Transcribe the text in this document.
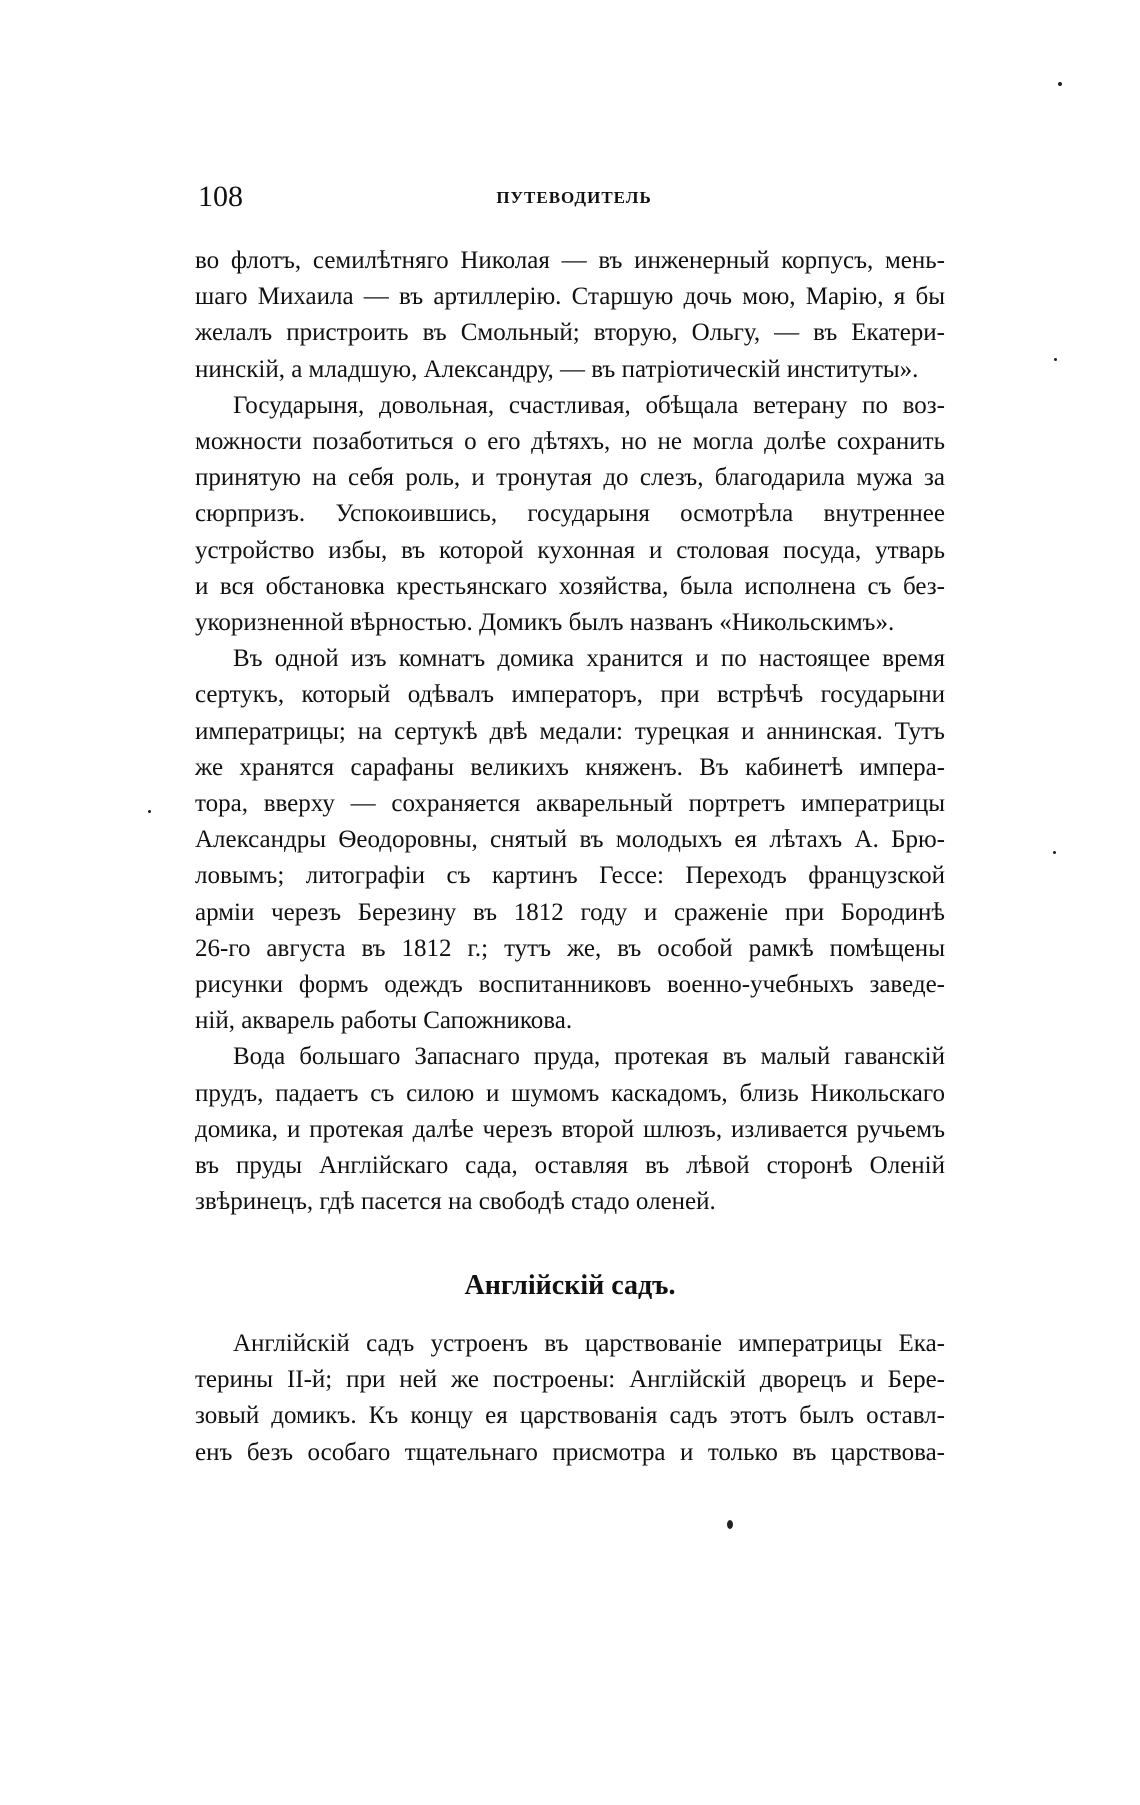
108	ПУТЕВОДИТЕЛЬ
во флотъ, семилѣтняго Николая — въ инженерный корпусъ, мень-
шаго Михаила — въ артиллерію. Старшую дочь мою, Марію, я бы
желалъ пристроить въ Смольный; вторую, Ольгу, — въ Екатери-
нинскій, а младшую, Александру, — въ патріотическій институты».
Государыня, довольная, счастливая, обѣщала ветерану по воз-
можности позаботиться о его дѣтяхъ, но не могла долѣе сохранить
принятую на себя роль, и тронутая до слезъ, благодарила мужа за
сюрпризъ. Успокоившись, государыня осмотрѣла внутреннее
устройство избы, въ которой кухонная и столовая посуда, утварь
и вся обстановка крестьянскаго хозяйства, была исполнена съ без-
укоризненной вѣрностью. Домикъ былъ названъ «Никольскимъ».
Въ одной изъ комнатъ домика хранится и по настоящее время
сертукъ, который одѣвалъ императоръ, при встрѣчѣ государыни
императрицы; на сертукѣ двѣ медали: турецкая и аннинская. Тутъ
же хранятся сарафаны великихъ княженъ. Въ кабинетѣ импера-
тора, вверху — сохраняется акварельный портретъ императрицы
Александры Ѳеодоровны, снятый въ молодыхъ ея лѣтахъ А. Брю-
ловымъ; литографіи съ картинъ Гессе: Переходъ французской
арміи черезъ Березину въ 1812 году и сраженіе при Бородинѣ
26-го августа въ 1812 г.; тутъ же, въ особой рамкѣ помѣщены
рисунки формъ одеждъ воспитанниковъ военно-учебныхъ заведе-
ній, акварель работы Сапожникова.
Вода большаго Запаснаго пруда, протекая въ малый гаванскій
прудъ, падаетъ съ силою и шумомъ каскадомъ, близь Никольскаго
домика, и протекая далѣе черезъ второй шлюзъ, изливается ручьемъ
въ пруды Англійскаго сада, оставляя въ лѣвой сторонѣ Оленій
звѣринецъ, гдѣ пасется на свободѣ стадо оленей.
Англійскій садъ.
Англійскій садъ устроенъ въ царствованіе императрицы Ека-
терины II-й; при ней же построены: Англійскій дворецъ и Бере-
зовый домикъ. Къ концу ея царствованія садъ этотъ былъ оставл-
енъ безъ особаго тщательнаго присмотра и только въ царствова-
